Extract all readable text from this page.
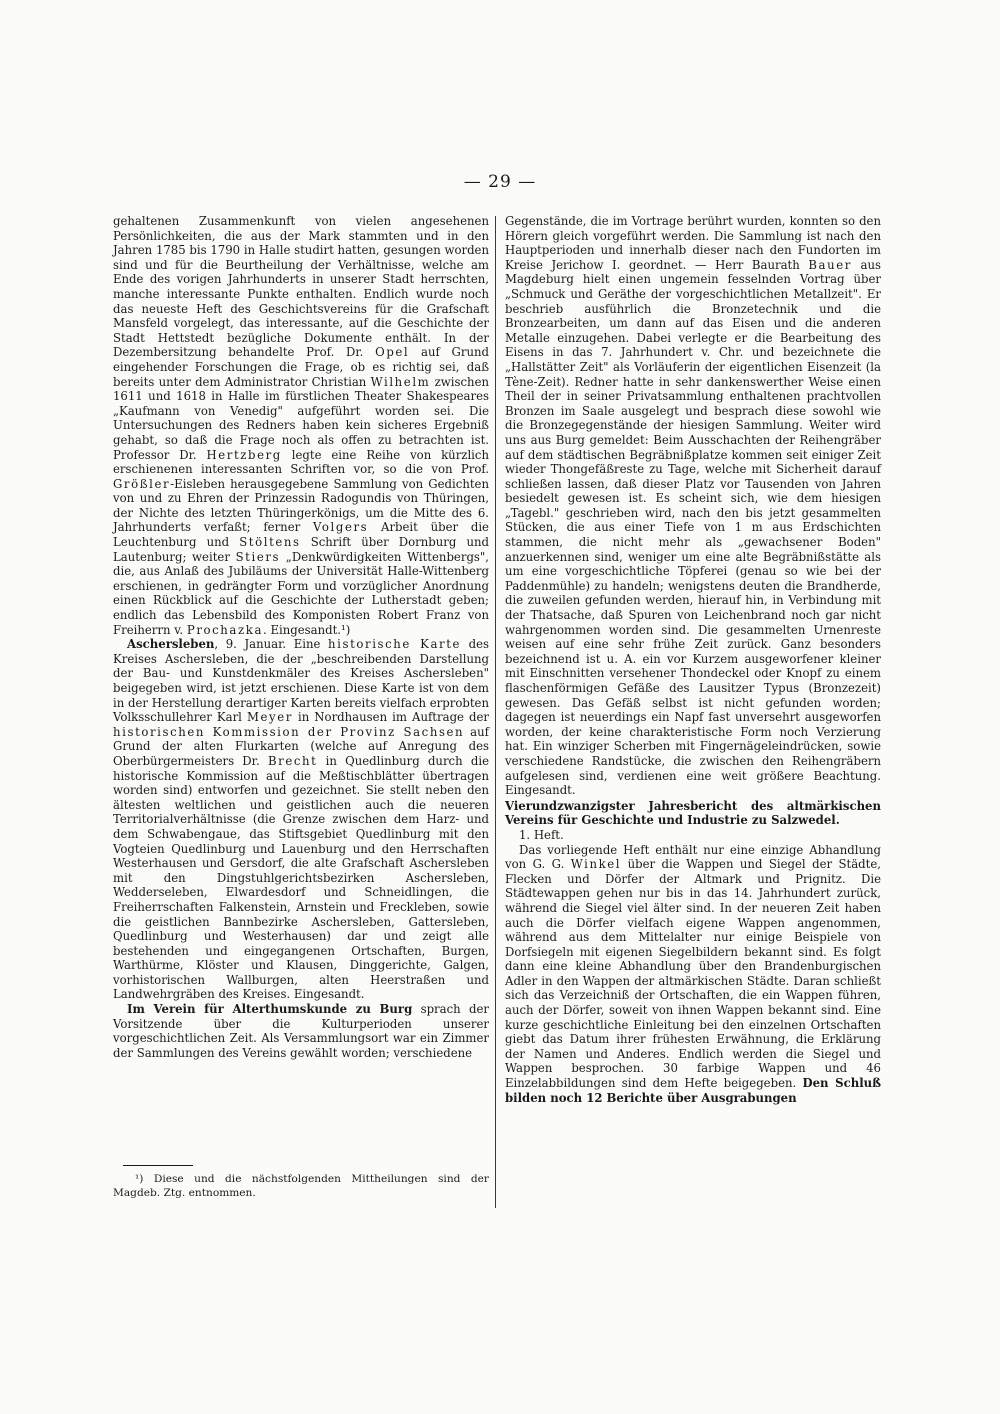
— 29 —

gehaltenen Zusammenkunft von vielen angesehenen Persönlichkeiten, die aus der Mark stammten und in den Jahren 1785 bis 1790 in Halle studirt hatten, gesungen worden sind und für die Beurtheilung der Verhältnisse, welche am Ende des vorigen Jahrhunderts in unserer Stadt herrschten, manche interessante Punkte enthalten. Endlich wurde noch das neueste Heft des Geschichtsvereins für die Grafschaft Mansfeld vorgelegt, das interessante, auf die Geschichte der Stadt Hettstedt bezügliche Dokumente enthält. In der Dezembersitzung behandelte Prof. Dr. Opel auf Grund eingehender Forschungen die Frage, ob es richtig sei, daß bereits unter dem Administrator Christian Wilhelm zwischen 1611 und 1618 in Halle im fürstlichen Theater Shakespeares „Kaufmann von Venedig" aufgeführt worden sei. Die Untersuchungen des Redners haben kein sicheres Ergebniß gehabt, so daß die Frage noch als offen zu betrachten ist. Professor Dr. Hertzberg legte eine Reihe von kürzlich erschienenen interessanten Schriften vor, so die von Prof. Größler-Eisleben herausgegebene Sammlung von Gedichten von und zu Ehren der Prinzessin Radogundis von Thüringen, der Nichte des letzten Thüringerkönigs, um die Mitte des 6. Jahrhunderts verfaßt; ferner Volgers Arbeit über die Leuchtenburg und Stöltens Schrift über Dornburg und Lautenburg; weiter Stiers „Denkwürdigkeiten Wittenbergs", die, aus Anlaß des Jubiläums der Universität Halle-Wittenberg erschienen, in gedrängter Form und vorzüglicher Anordnung einen Rückblick auf die Geschichte der Lutherstadt geben; endlich das Lebensbild des Komponisten Robert Franz von Freiherrn v. Prochazka. Eingesandt.¹)

Aschersleben, 9. Januar. Eine historische Karte des Kreises Aschersleben, die der „beschreibenden Darstellung der Bau- und Kunstdenkmäler des Kreises Aschersleben" beigegeben wird, ist jetzt erschienen. Diese Karte ist von dem in der Herstellung derartiger Karten bereits vielfach erprobten Volksschullehrer Karl Meyer in Nordhausen im Auftrage der historischen Kommission der Provinz Sachsen auf Grund der alten Flurkarten (welche auf Anregung des Oberbürgermeisters Dr. Brecht in Quedlinburg durch die historische Kommission auf die Meßtischblätter übertragen worden sind) entworfen und gezeichnet. Sie stellt neben den ältesten weltlichen und geistlichen auch die neueren Territorialverhältnisse (die Grenze zwischen dem Harz- und dem Schwabengaue, das Stiftsgebiet Quedlinburg mit den Vogteien Quedlinburg und Lauenburg und den Herrschaften Westerhausen und Gersdorf, die alte Grafschaft Aschersleben mit den Dingstuhlgerichtsbezirken Aschersleben, Wedderseleben, Elwardesdorf und Schneidlingen, die Freiherrschaften Falkenstein, Arnstein und Freckleben, sowie die geistlichen Bannbezirke Aschersleben, Gattersleben, Quedlinburg und Westerhausen) dar und zeigt alle bestehenden und eingegangenen Ortschaften, Burgen, Warthürme, Klöster und Klausen, Dinggerichte, Galgen, vorhistorischen Wallburgen, alten Heerstraßen und Landwehrgräben des Kreises. Eingesandt.

Im Verein für Alterthumskunde zu Burg sprach der Vorsitzende über die Kulturperioden unserer vorgeschichtlichen Zeit. Als Versammlungsort war ein Zimmer der Sammlungen des Vereins gewählt worden; verschiedene

Gegenstände, die im Vortrage berührt wurden, konnten so den Hörern gleich vorgeführt werden. Die Sammlung ist nach den Hauptperioden und innerhalb dieser nach den Fundorten im Kreise Jerichow I. geordnet. — Herr Baurath Bauer aus Magdeburg hielt einen ungemein fesselnden Vortrag über „Schmuck und Geräthe der vorgeschichtlichen Metallzeit". Er beschrieb ausführlich die Bronzetechnik und die Bronzearbeiten, um dann auf das Eisen und die anderen Metalle einzugehen. Dabei verlegte er die Bearbeitung des Eisens in das 7. Jahrhundert v. Chr. und bezeichnete die „Hallstätter Zeit" als Vorläuferin der eigentlichen Eisenzeit (la Tène-Zeit). Redner hatte in sehr dankenswerther Weise einen Theil der in seiner Privatsammlung enthaltenen prachtvollen Bronzen im Saale ausgelegt und besprach diese sowohl wie die Bronzegegenstände der hiesigen Sammlung. Weiter wird uns aus Burg gemeldet: Beim Ausschachten der Reihengräber auf dem städtischen Begräbnißplatze kommen seit einiger Zeit wieder Thongefäßreste zu Tage, welche mit Sicherheit darauf schließen lassen, daß dieser Platz vor Tausenden von Jahren besiedelt gewesen ist. Es scheint sich, wie dem hiesigen „Tagebl." geschrieben wird, nach den bis jetzt gesammelten Stücken, die aus einer Tiefe von 1 m aus Erdschichten stammen, die nicht mehr als „gewachsener Boden" anzuerkennen sind, weniger um eine alte Begräbnißstätte als um eine vorgeschichtliche Töpferei (genau so wie bei der Paddenmühle) zu handeln; wenigstens deuten die Brandherde, die zuweilen gefunden werden, hierauf hin, in Verbindung mit der Thatsache, daß Spuren von Leichenbrand noch gar nicht wahrgenommen worden sind. Die gesammelten Urnenreste weisen auf eine sehr frühe Zeit zurück. Ganz besonders bezeichnend ist u. A. ein vor Kurzem ausgeworfener kleiner mit Einschnitten versehener Thondeckel oder Knopf zu einem flaschenförmigen Gefäße des Lausitzer Typus (Bronzezeit) gewesen. Das Gefäß selbst ist nicht gefunden worden; dagegen ist neuerdings ein Napf fast unversehrt ausgeworfen worden, der keine charakteristische Form noch Verzierung hat. Ein winziger Scherben mit Fingernägeleindrücken, sowie verschiedene Randstücke, die zwischen den Reihengräbern aufgelesen sind, verdienen eine weit größere Beachtung. Eingesandt.

Vierundzwanzigster Jahresbericht des altmärkischen Vereins für Geschichte und Industrie zu Salzwedel.

1. Heft.

Das vorliegende Heft enthält nur eine einzige Abhandlung von G. G. Winkel über die Wappen und Siegel der Städte, Flecken und Dörfer der Altmark und Prignitz. Die Städtewappen gehen nur bis in das 14. Jahrhundert zurück, während die Siegel viel älter sind. In der neueren Zeit haben auch die Dörfer vielfach eigene Wappen angenommen, während aus dem Mittelalter nur einige Beispiele von Dorfsiegeln mit eigenen Siegelbildern bekannt sind. Es folgt dann eine kleine Abhandlung über den Brandenburgischen Adler in den Wappen der altmärkischen Städte. Daran schließt sich das Verzeichniß der Ortschaften, die ein Wappen führen, auch der Dörfer, soweit von ihnen Wappen bekannt sind. Eine kurze geschichtliche Einleitung bei den einzelnen Ortschaften giebt das Datum ihrer frühesten Erwähnung, die Erklärung der Namen und Anderes. Endlich werden die Siegel und Wappen besprochen. 30 farbige Wappen und 46 Einzelabbildungen sind dem Hefte beigegeben. Den Schluß bilden noch 12 Berichte über Ausgrabungen

¹) Diese und die nächstfolgenden Mittheilungen sind der Magdeb. Ztg. entnommen.
